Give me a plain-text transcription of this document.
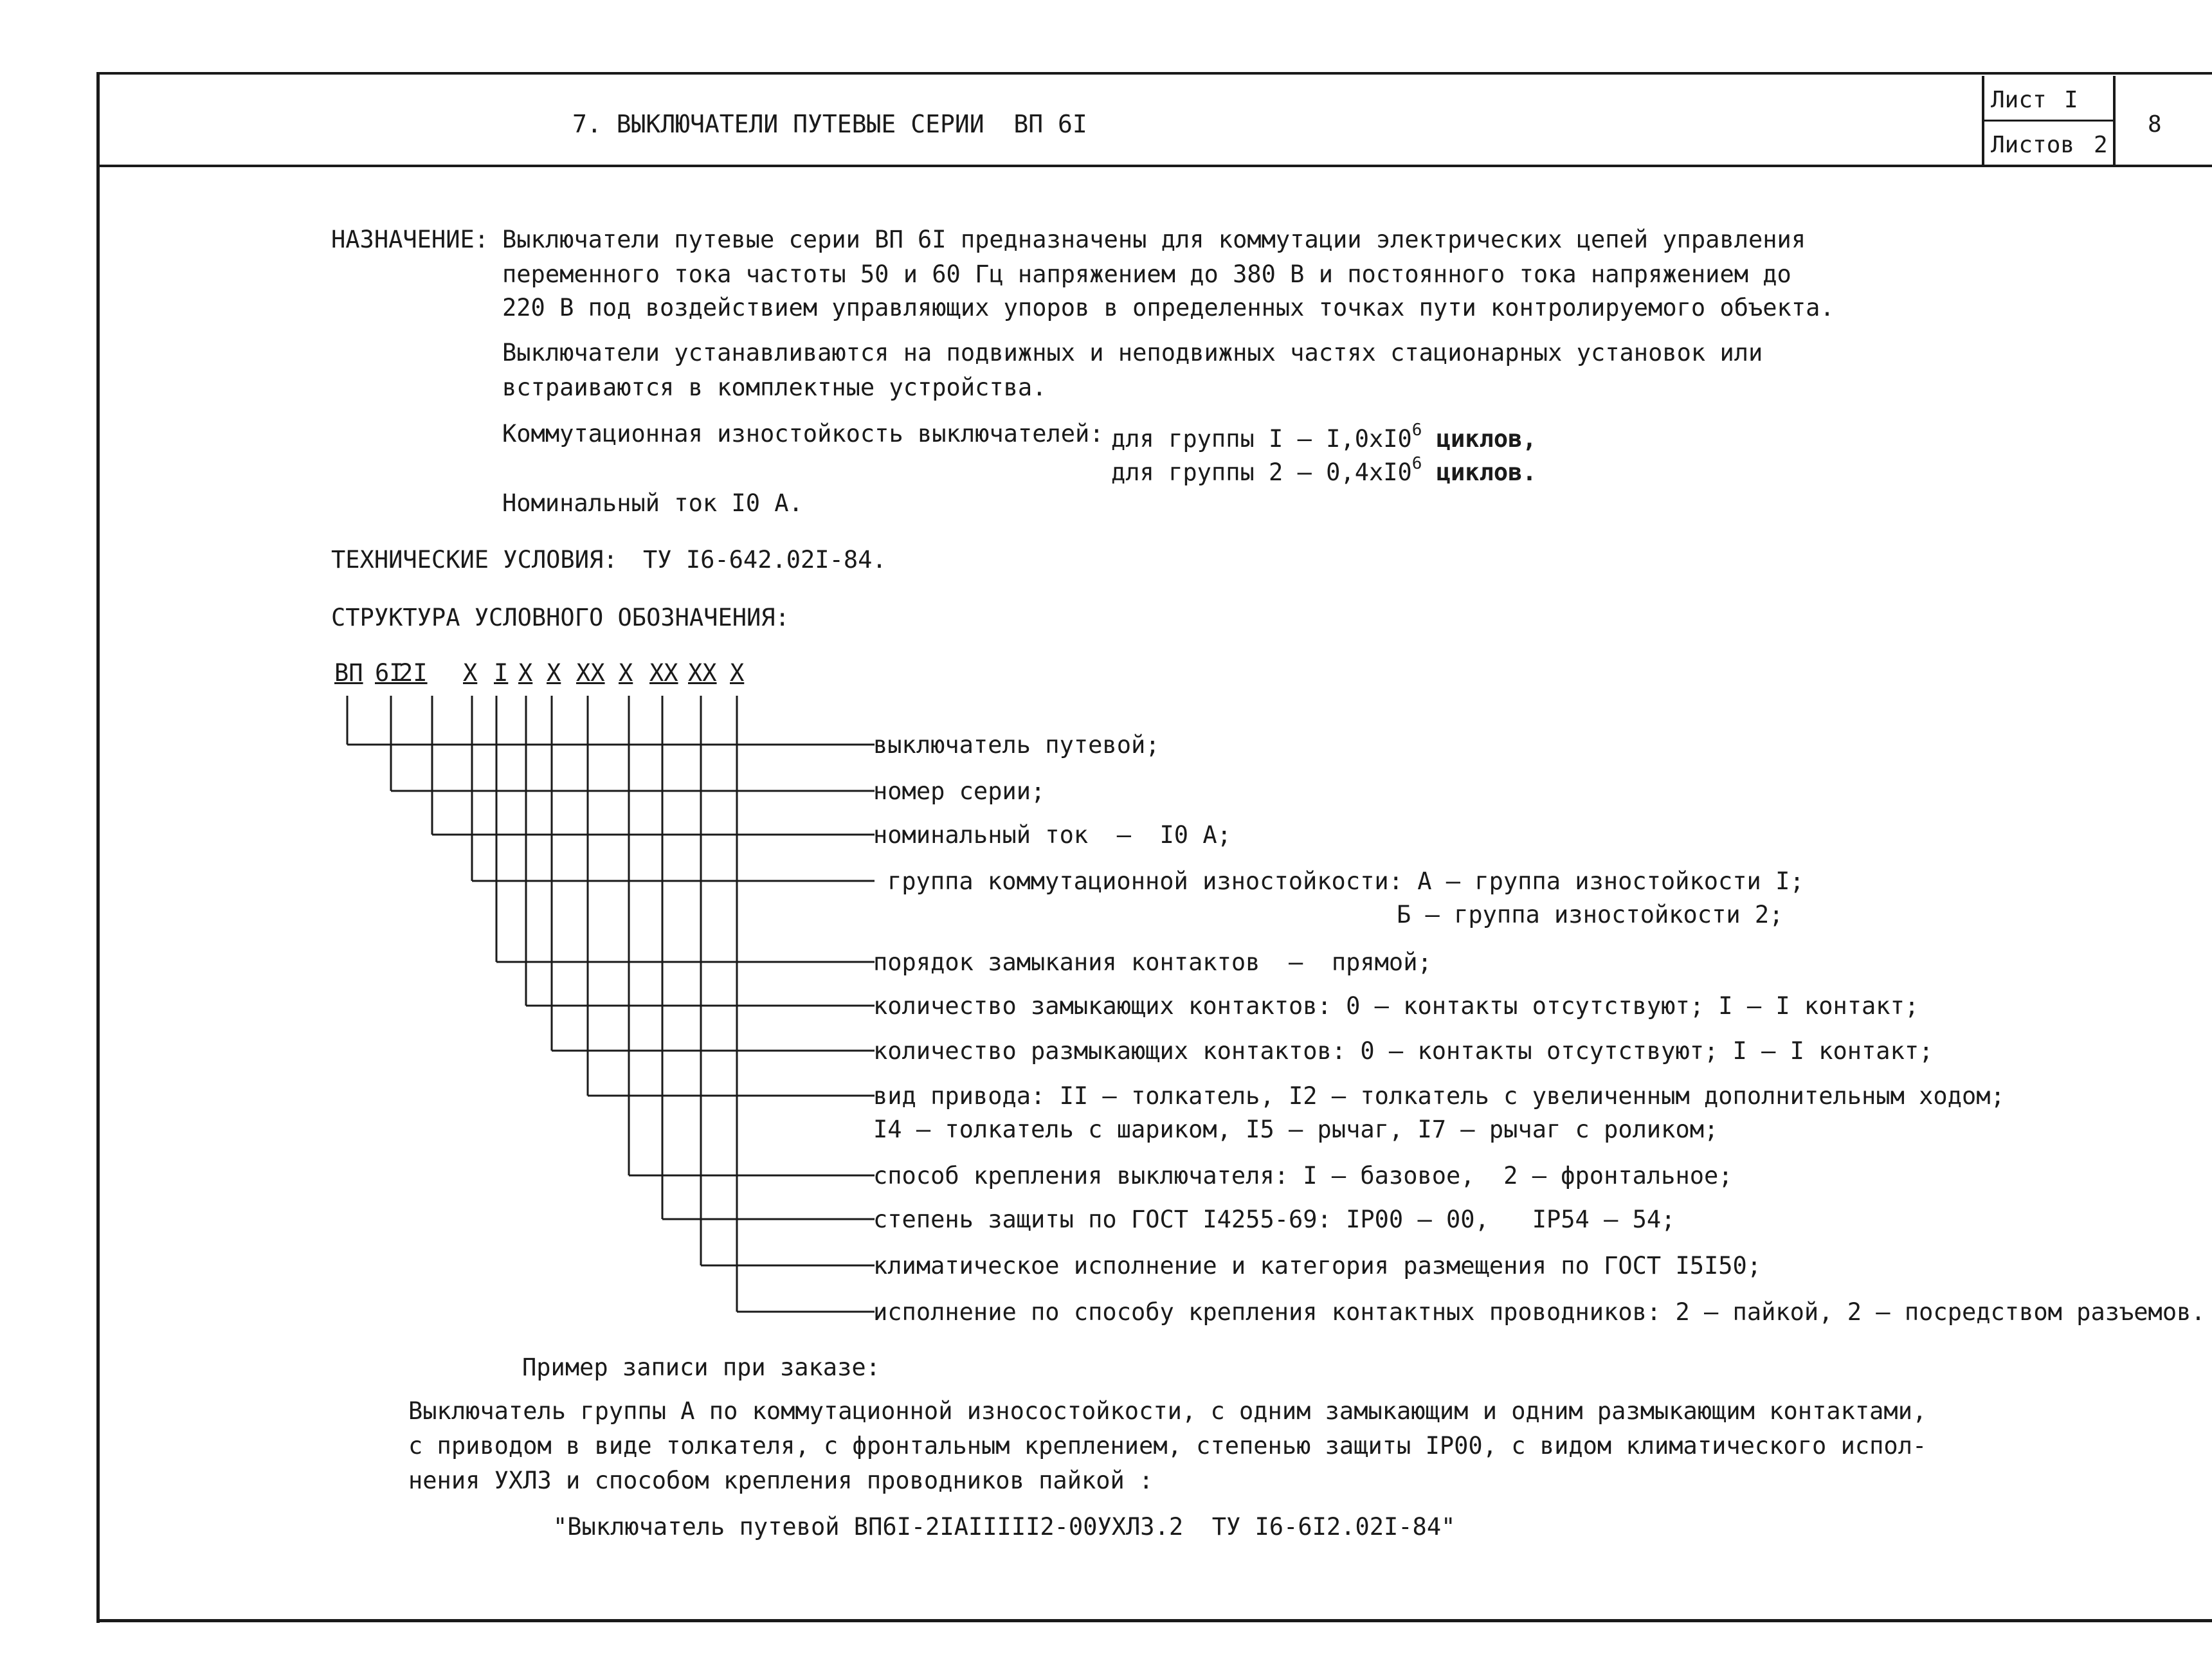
7. ВЫКЛЮЧАТЕЛИ ПУТЕВЫЕ СЕРИИ  ВП 6I
Лист I
Листов 2
8
НАЗНАЧЕНИЕ: Выключатели путевые серии ВП 6I предназначены для коммутации электрических цепей управления
переменного тока частоты 50 и 60 Гц напряжением до 380 В и постоянного тока напряжением до
220 В под воздействием управляющих упоров в определенных точках пути контролируемого объекта.
Выключатели устанавливаются на подвижных и неподвижных частях стационарных установок или
встраиваются в комплектные устройства.
Коммутационная изностойкость выключателей: для группы I – $I,0xI0^6$ циклов,
для группы $2 - 0,4xI0^6$ циклов.
Номинальный ток I0 А.
ТЕХНИЧЕСКИЕ УСЛОВИЯ: ТУ I6-642.02I-84.
СТРУКТУРА УСЛОВНОГО ОБОЗНАЧЕНИЯ:
ВП 6I
2I X I X X XX X XX XX X
выключатель путевой;
номер серии;
номинальный ток  –  I0 А;
группа коммутационной изностойкости: А – группа изностойкости I;
Б – группа изностойкости 2;
порядок замыкания контактов  –  прямой;
количество замыкающих контактов: 0 – контакты отсутствуют; I – I контакт;
количество размыкающих контактов: 0 – контакты отсутствуют; I – I контакт;
вид привода: II – толкатель, I2 – толкатель с увеличенным дополнительным ходом;
I4 – толкатель с шариком, I5 – рычаг, I7 – рычаг с роликом;
способ крепления выключателя: I – базовое,  2 – фронтальное;
степень защиты по ГОСТ I4255-69: IP00 – 00,   IP54 – 54;
климатическое исполнение и категория размещения по ГОСТ I5I50;
исполнение по способу крепления контактных проводников: 2 – пайкой, 2 – посредством разъемов.
Пример записи при заказе:
Выключатель группы А по коммутационной износостойкости, с одним замыкающим и одним размыкающим контактами,
с приводом в виде толкателя, с фронтальным креплением, степенью защиты IP00, с видом климатического испол-
нения УХЛ3 и способом крепления проводников пайкой :
"Выключатель путевой ВП6I-2IАIIIII2-00УХЛ3.2  ТУ I6-6I2.02I-84"
